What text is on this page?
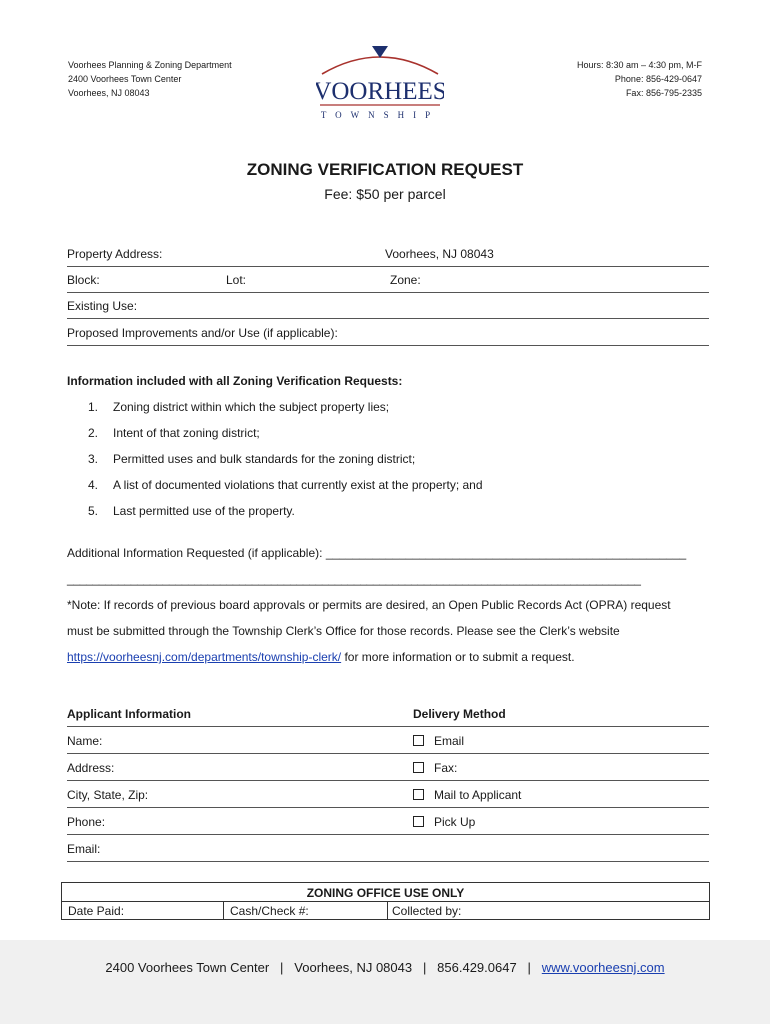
Voorhees Planning & Zoning Department
2400 Voorhees Town Center
Voorhees, NJ 08043	VOORHEES
TOWNSHIP
Hours: 8:30 am – 4:30 pm, M-F
Phone: 856-429-0647
Fax: 856-795-2335
ZONING VERIFICATION REQUEST
Fee: $50 per parcel
Property Address:	Voorhees, NJ 08043
Block:	Lot:	Zone:
Existing Use:
Proposed Improvements and/or Use (if applicable):
Information included with all Zoning Verification Requests:
1. Zoning district within which the subject property lies;
2. Intent of that zoning district;
3. Permitted uses and bulk standards for the zoning district;
4. A list of documented violations that currently exist at the property; and
5. Last permitted use of the property.
Additional Information Requested (if applicable): ______________________________________________________
__________________________________________________________________________________________
*Note: If records of previous board approvals or permits are desired, an Open Public Records Act (OPRA) request
must be submitted through the Township Clerk’s Office for those records. Please see the Clerk’s website
https://voorheesnj.com/departments/township-clerk/ for more information or to submit a request.
Applicant Information	Delivery Method
Name:	Email
Address:	Fax:
City, State, Zip:	Mail to Applicant
Phone:	Pick Up
Email:
ZONING OFFICE USE ONLY
Date Paid:	Cash/Check #:	Collected by:
2400 Voorhees Town Center | Voorhees, NJ 08043 | 856.429.0647 | www.voorheesnj.com
